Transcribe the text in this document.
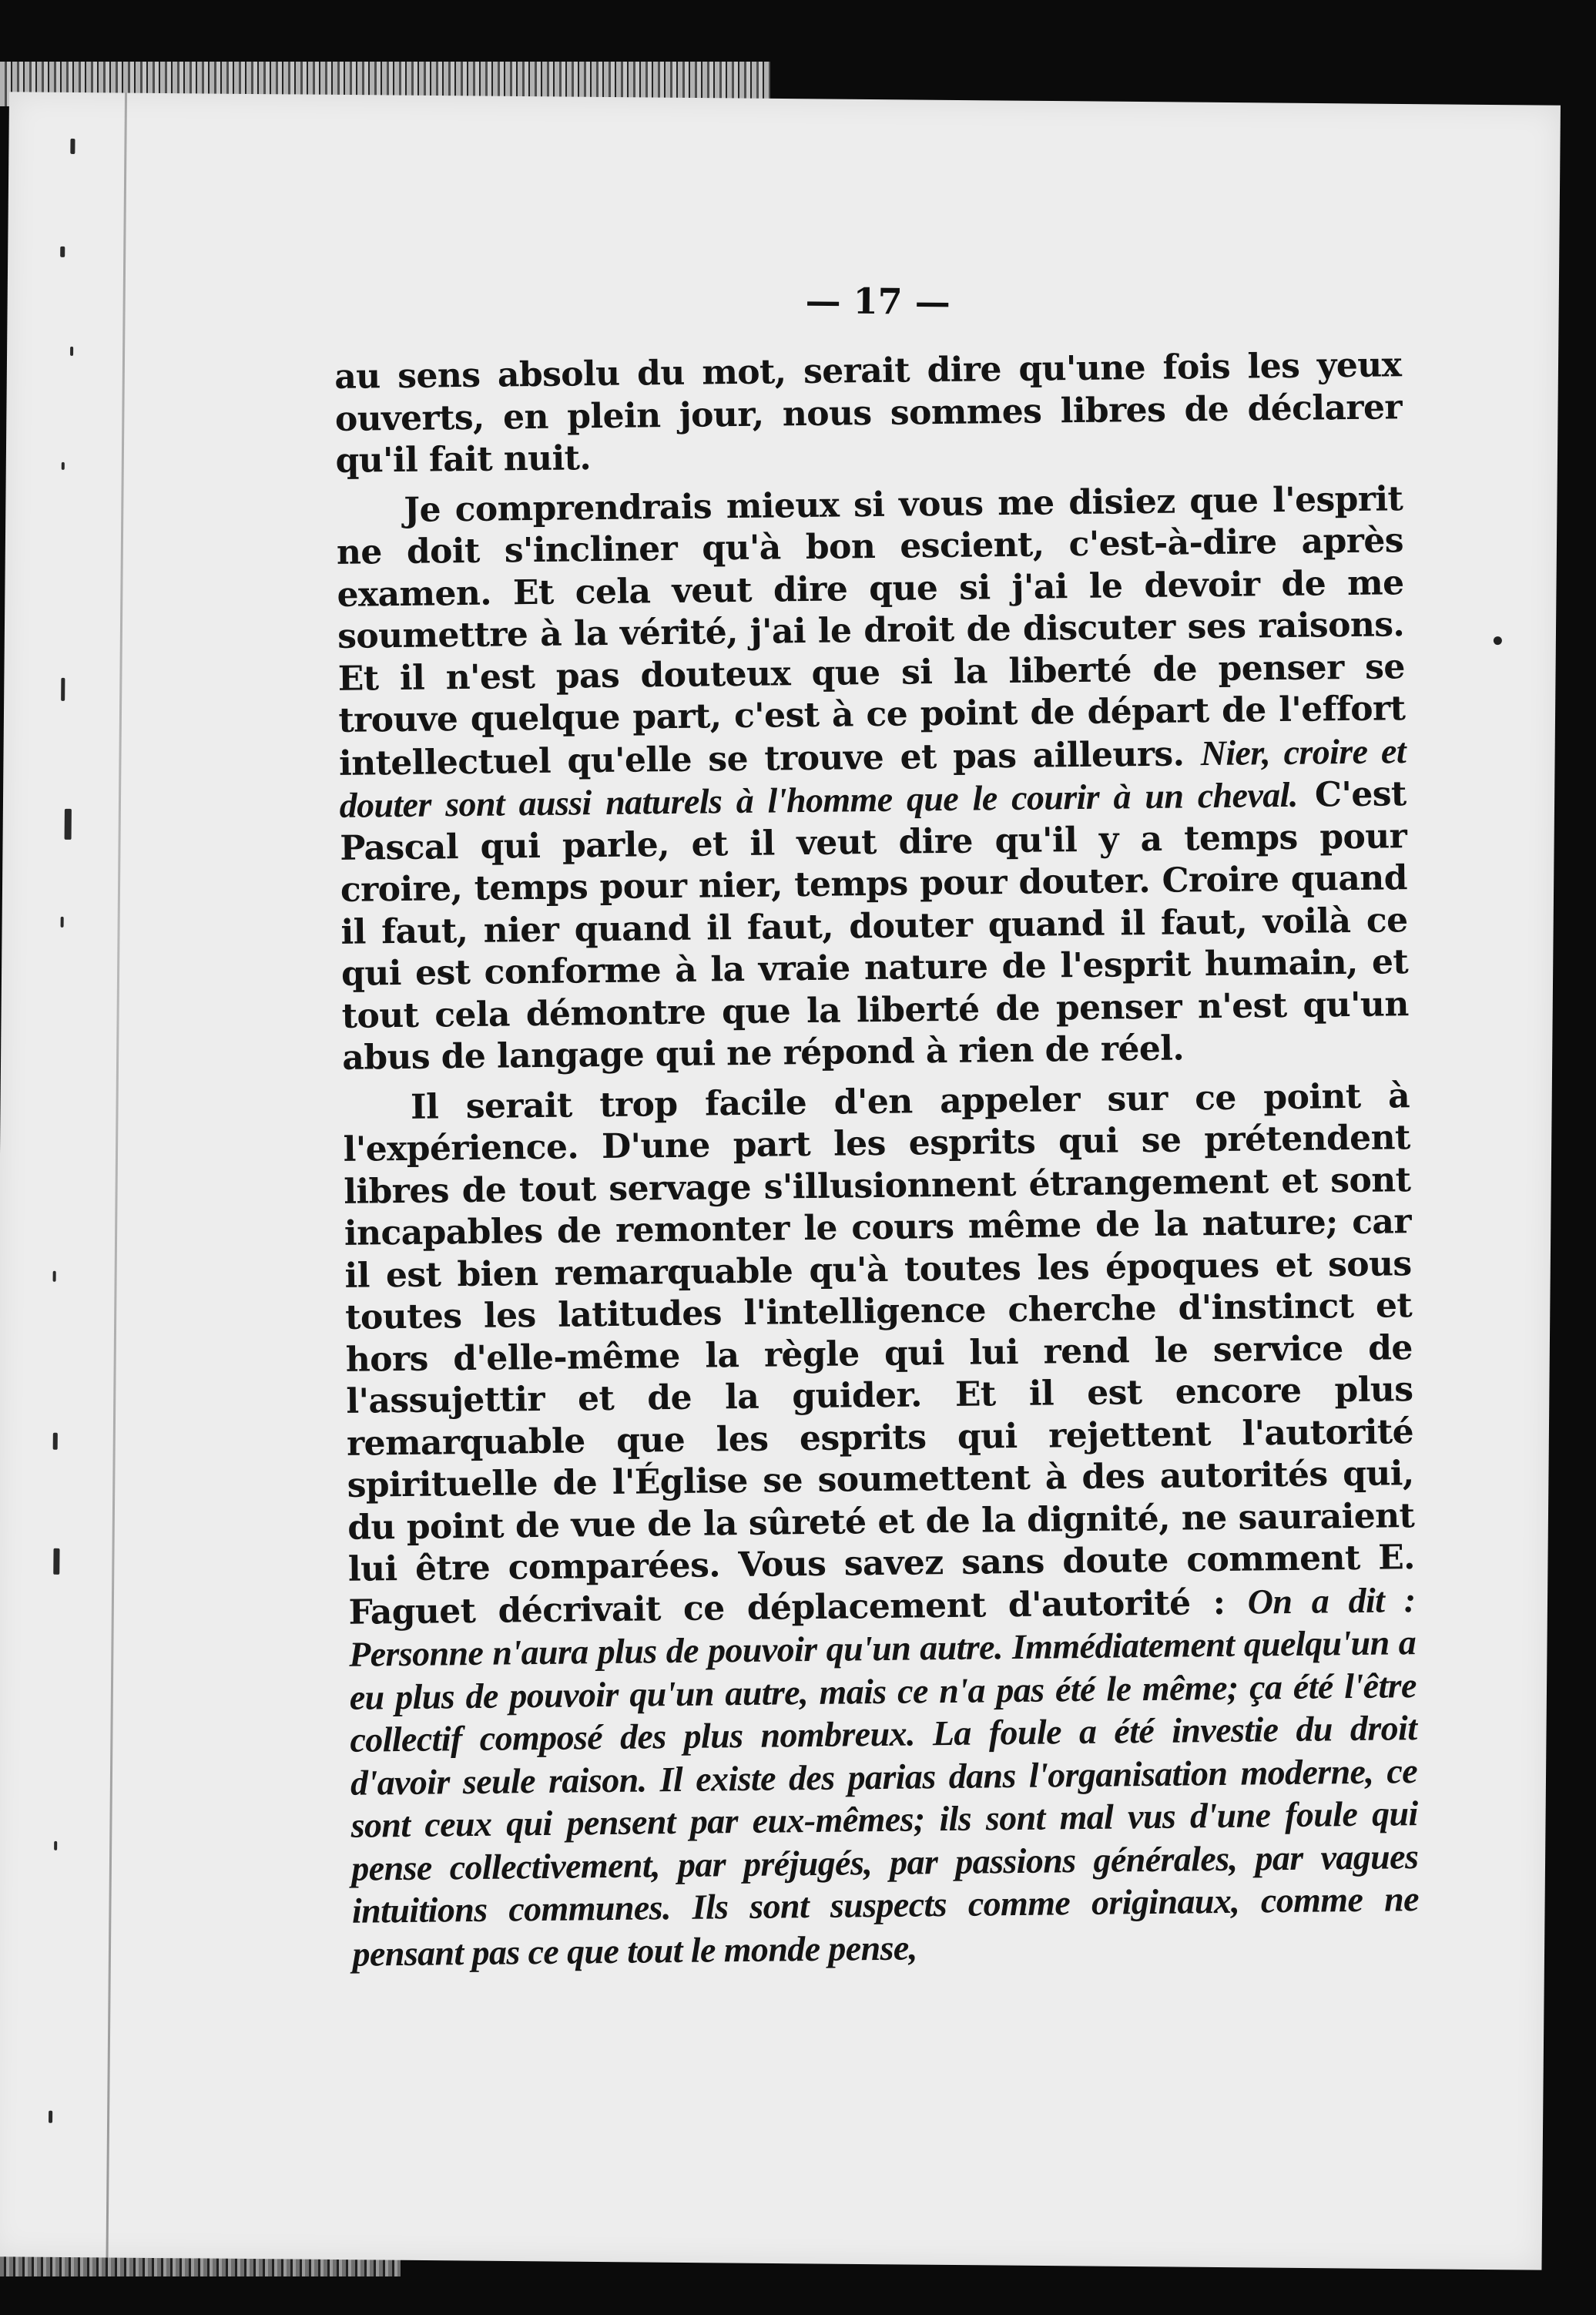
— 17 —

au sens absolu du mot, serait dire qu'une fois les yeux ouverts, en plein jour, nous sommes libres de déclarer qu'il fait nuit.

Je comprendrais mieux si vous me disiez que l'esprit ne doit s'incliner qu'à bon escient, c'est-à-dire après examen. Et cela veut dire que si j'ai le devoir de me soumettre à la vérité, j'ai le droit de discuter ses raisons. Et il n'est pas douteux que si la liberté de penser se trouve quelque part, c'est à ce point de départ de l'effort intellectuel qu'elle se trouve et pas ailleurs. Nier, croire et douter sont aussi naturels à l'homme que le courir à un cheval. C'est Pascal qui parle, et il veut dire qu'il y a temps pour croire, temps pour nier, temps pour douter. Croire quand il faut, nier quand il faut, douter quand il faut, voilà ce qui est conforme à la vraie nature de l'esprit humain, et tout cela démontre que la liberté de penser n'est qu'un abus de langage qui ne répond à rien de réel.

Il serait trop facile d'en appeler sur ce point à l'expérience. D'une part les esprits qui se prétendent libres de tout servage s'illusionnent étrangement et sont incapables de remonter le cours même de la nature; car il est bien remarquable qu'à toutes les époques et sous toutes les latitudes l'intelligence cherche d'instinct et hors d'elle-même la règle qui lui rend le service de l'assujettir et de la guider. Et il est encore plus remarquable que les esprits qui rejettent l'autorité spirituelle de l'Église se soumettent à des autorités qui, du point de vue de la sûreté et de la dignité, ne sauraient lui être comparées. Vous savez sans doute comment E. Faguet décrivait ce déplacement d'autorité : On a dit : Personne n'aura plus de pouvoir qu'un autre. Immédiatement quelqu'un a eu plus de pouvoir qu'un autre, mais ce n'a pas été le même; ça été l'être collectif composé des plus nombreux. La foule a été investie du droit d'avoir seule raison. Il existe des parias dans l'organisation moderne, ce sont ceux qui pensent par eux-mêmes; ils sont mal vus d'une foule qui pense collectivement, par préjugés, par passions générales, par vagues intuitions communes. Ils sont suspects comme originaux, comme ne pensant pas ce que tout le monde pense,
